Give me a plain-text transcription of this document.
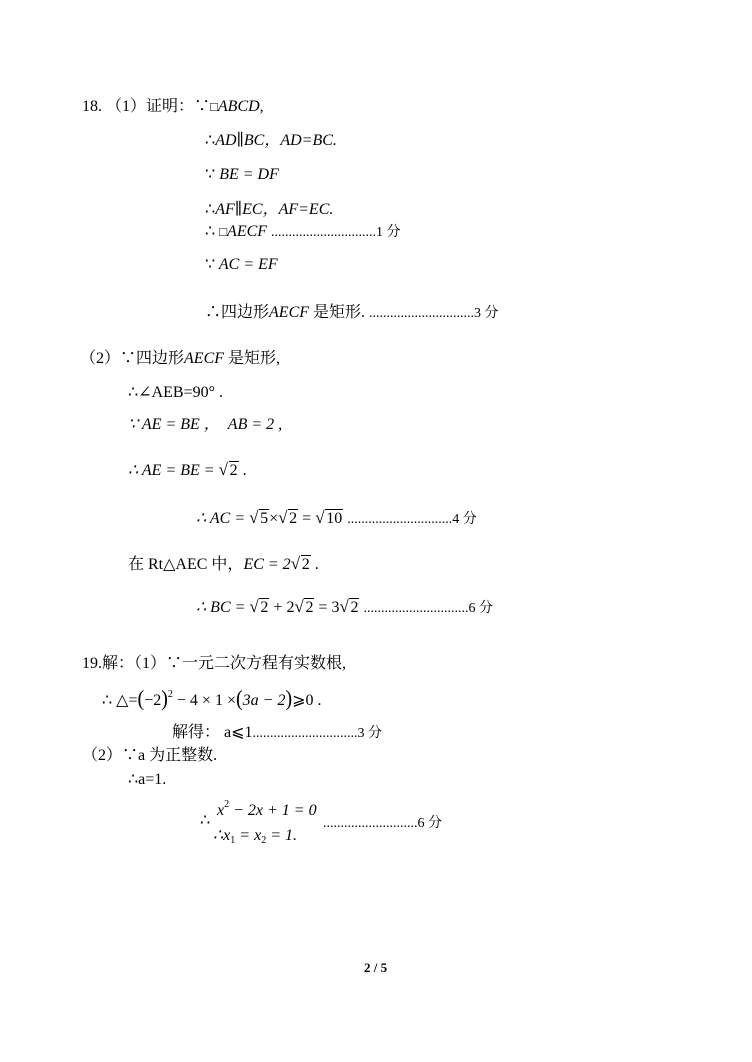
18. （1）证明：∵□ABCD,
∴AD∥BC，AD=BC.
∵ BE = DF
∴AF∥EC，AF=EC.
∴ □AECF ..............................1 分
∵ AC = EF
∴四边形AECF 是矩形. ..............................3 分
（2）∵四边形AECF 是矩形,
∴∠AEB=90° .
∵ AE = BE ， AB = 2 ,
∴ AE = BE = √ 2 .
∴ AC = √ 5× √ 2 = √ 10 ..............................4 分
在 Rt△AEC 中，EC = 2 √ 2 .
∴ BC = √ 2 + 2 √ 2 = 3 √ 2 ..............................6 分
19.解：（1）∵一元二次方程有实数根,
∴ $\triangle=(-2)^2 - 4 \times 1 \times(3a$ − 2)⩾0 .
解得： a⩽1..............................3 分
（2）∵a 为正整数.
∴a=1.
∴
$x^2 - 2x + 1 = 0$
$\therefore x_1 = x_2 = 1$.
...........................6 分
2 / 5
